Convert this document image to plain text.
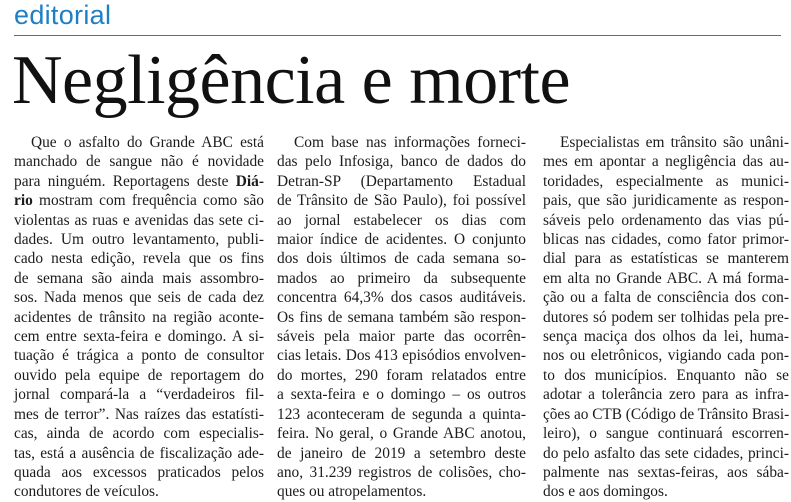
editorial
Negligência e morte
Que o asfalto do Grande ABC está
manchado de sangue não é novidade
para ninguém. Reportagens deste Diá-
rio mostram com frequência como são
violentas as ruas e avenidas das sete ci-
dades. Um outro levantamento, publi-
cado nesta edição, revela que os fins
de semana são ainda mais assombro-
sos. Nada menos que seis de cada dez
acidentes de trânsito na região aconte-
cem entre sexta-feira e domingo. A si-
tuação é trágica a ponto de consultor
ouvido pela equipe de reportagem do
jornal compará-la a “verdadeiros fil-
mes de terror”. Nas raízes das estatísti-
cas, ainda de acordo com especialis-
tas, está a ausência de fiscalização ade-
quada aos excessos praticados pelos
condutores de veículos.
Com base nas informações forneci-
das pelo Infosiga, banco de dados do
Detran-SP (Departamento Estadual
de Trânsito de São Paulo), foi possível
ao jornal estabelecer os dias com
maior índice de acidentes. O conjunto
dos dois últimos de cada semana so-
mados ao primeiro da subsequente
concentra 64,3% dos casos auditáveis.
Os fins de semana também são respon-
sáveis pela maior parte das ocorrên-
cias letais. Dos 413 episódios envolven-
do mortes, 290 foram relatados entre
a sexta-feira e o domingo – os outros
123 aconteceram de segunda a quinta-
feira. No geral, o Grande ABC anotou,
de janeiro de 2019 a setembro deste
ano, 31.239 registros de colisões, cho-
ques ou atropelamentos.
Especialistas em trânsito são unâni-
mes em apontar a negligência das au-
toridades, especialmente as munici-
pais, que são juridicamente as respon-
sáveis pelo ordenamento das vias pú-
blicas nas cidades, como fator primor-
dial para as estatísticas se manterem
em alta no Grande ABC. A má forma-
ção ou a falta de consciência dos con-
dutores só podem ser tolhidas pela pre-
sença maciça dos olhos da lei, huma-
nos ou eletrônicos, vigiando cada pon-
to dos municípios. Enquanto não se
adotar a tolerância zero para as infra-
ções ao CTB (Código de Trânsito Brasi-
leiro), o sangue continuará escorren-
do pelo asfalto das sete cidades, princi-
palmente nas sextas-feiras, aos sába-
dos e aos domingos.
